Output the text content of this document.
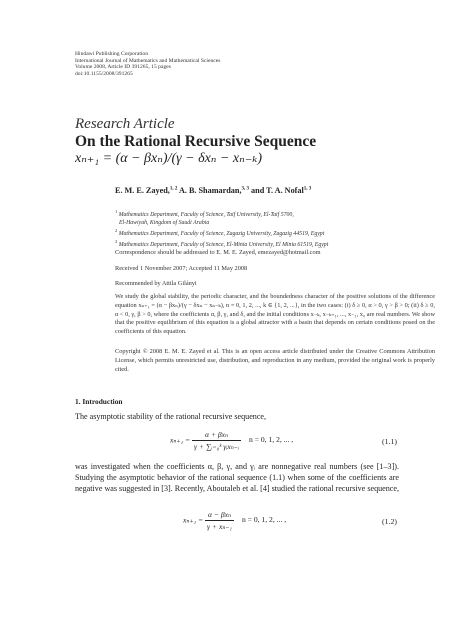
Hindawi Publishing Corporation
International Journal of Mathematics and Mathematical Sciences
Volume 2008, Article ID 391265, 15 pages
doi:10.1155/2008/391265
Research Article
On the Rational Recursive Sequence
xₙ₊₁ = (α − βxₙ)/(γ − δxₙ − xₙ₋ₖ)
E. M. E. Zayed,$^{1, 2}$ A. B. Shamardan,$^{3, 3}$ and T. A. Nofal$^{1, 3}$
$^1$ Mathematics Department, Faculty of Science, Taif University, El-Taif 5700,
El-Hawiyah, Kingdom of Saudi Arabia
$^2$ Mathematics Department, Faculty of Science, Zagazig University, Zagazig 44519, Egypt
$^3$ Mathematics Department, Faculty of Science, El-Minia University, El Minia 61519, Egypt
Correspondence should be addressed to E. M. E. Zayed, emezayed@hotmail.com
Received 1 November 2007; Accepted 11 May 2008
Recommended by Attila Gilányi
We study the global stability, the periodic character, and the boundedness character of the positive solutions of the difference equation xₙ₊₁ = (α − βxₙ)/(γ − δxₙ − xₙ₋ₖ), n = 0, 1, 2, ..., k ∈ {1, 2, ...}, in the two cases: (i) δ ≥ 0, α > 0, γ > β > 0; (ii) δ ≥ 0, α < 0, γ, β > 0, where the coefficients α, β, γ, and δ, and the initial conditions x₋ₖ, x₋ₖ₊₁, ..., x₋₁, x₀ are real numbers. We show that the positive equilibrium of this equation is a global attractor with a basin that depends on certain conditions posed on the coefficients of this equation.
Copyright © 2008 E. M. E. Zayed et al. This is an open access article distributed under the Creative Commons Attribution License, which permits unrestricted use, distribution, and reproduction in any medium, provided the original work is properly cited.
1. Introduction
The asymptotic stability of the rational recursive sequence,
$x_{n+1} = \frac{\text{α + βxₙ}}{\text{γ + ∑ᵢ₌₀ᵏ γᵢxₙ₋ᵢ}}$ n = 0, 1, 2, ... ,	(1.1)
was investigated when the coefficients α, β, γ, and γᵢ are nonnegative real numbers (see [1–3]). Studying the asymptotic behavior of the rational sequence (1.1) when some of the coefficients are negative was suggested in [3]. Recently, Aboutaleb et al. [4] studied the rational recursive sequence,
$x_{n+1} = \frac{\text{α − βxₙ}}{\text{γ + xₙ₋₁}}$ n = 0, 1, 2, ... ,	(1.2)
